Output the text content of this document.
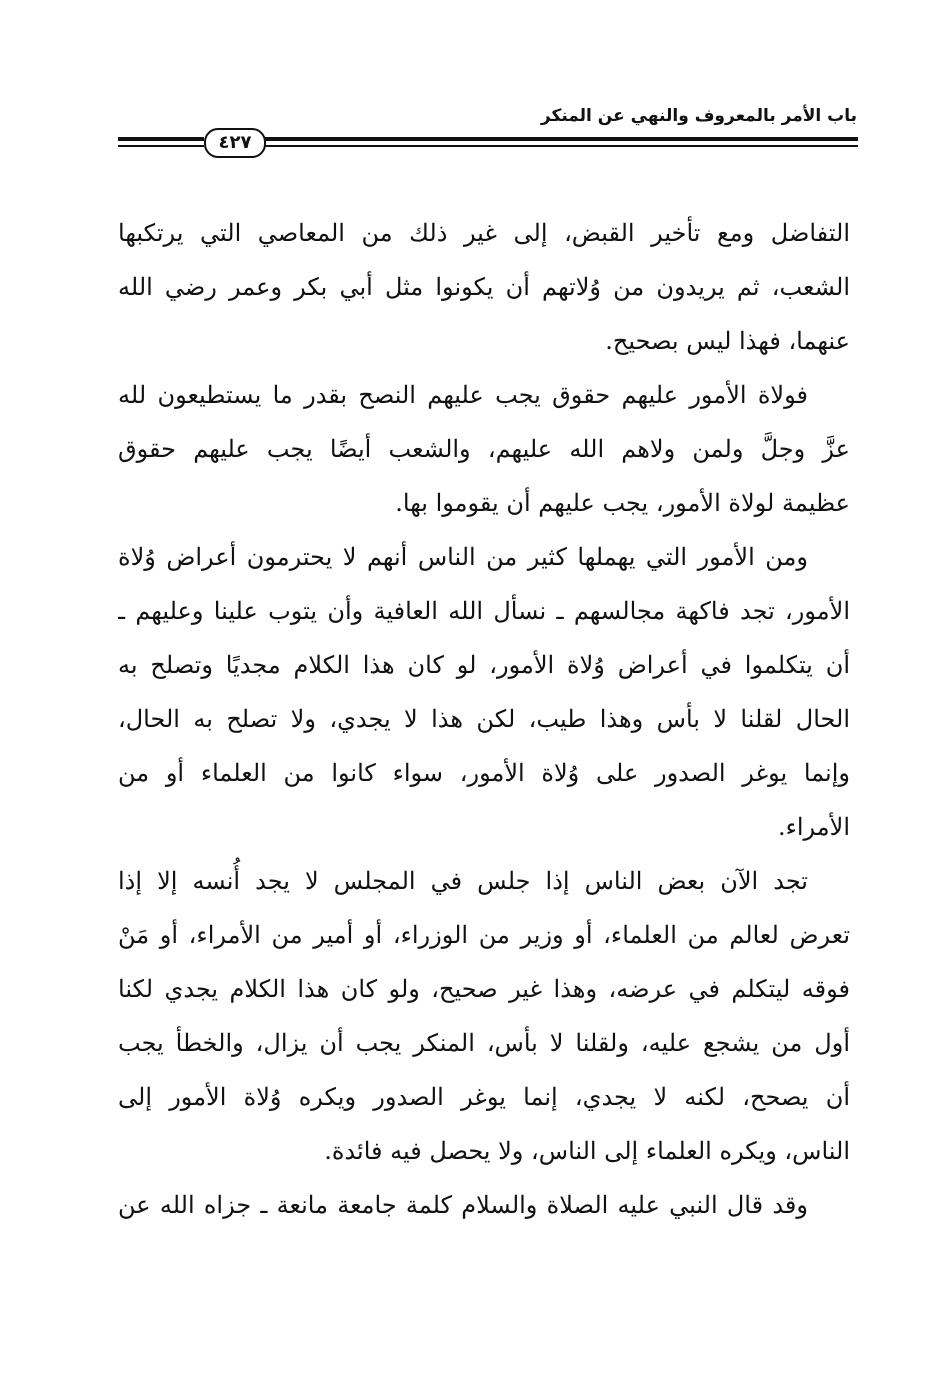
باب الأمر بالمعروف والنهي عن المنكر
٤٢٧
التفاضل ومع تأخير القبض، إلى غير ذلك من المعاصي التي يرتكبها
الشعب، ثم يريدون من وُلاتهم أن يكونوا مثل أبي بكر وعمر رضي الله
عنهما، فهذا ليس بصحيح.
فولاة الأمور عليهم حقوق يجب عليهم النصح بقدر ما يستطيعون لله
عزَّ وجلَّ ولمن ولاهم الله عليهم، والشعب أيضًا يجب عليهم حقوق
عظيمة لولاة الأمور، يجب عليهم أن يقوموا بها.
ومن الأمور التي يهملها كثير من الناس أنهم لا يحترمون أعراض وُلاة
الأمور، تجد فاكهة مجالسهم ـ نسأل الله العافية وأن يتوب علينا وعليهم ـ
أن يتكلموا في أعراض وُلاة الأمور، لو كان هذا الكلام مجديًا وتصلح به
الحال لقلنا لا بأس وهذا طيب، لكن هذا لا يجدي، ولا تصلح به الحال،
وإنما يوغر الصدور على وُلاة الأمور، سواء كانوا من العلماء أو من
الأمراء.
تجد الآن بعض الناس إذا جلس في المجلس لا يجد أُنسه إلا إذا
تعرض لعالم من العلماء، أو وزير من الوزراء، أو أمير من الأمراء، أو مَنْ
فوقه ليتكلم في عرضه، وهذا غير صحيح، ولو كان هذا الكلام يجدي لكنا
أول من يشجع عليه، ولقلنا لا بأس، المنكر يجب أن يزال، والخطأ يجب
أن يصحح، لكنه لا يجدي، إنما يوغر الصدور ويكره وُلاة الأمور إلى
الناس، ويكره العلماء إلى الناس، ولا يحصل فيه فائدة.
وقد قال النبي عليه الصلاة والسلام كلمة جامعة مانعة ـ جزاه الله عن
